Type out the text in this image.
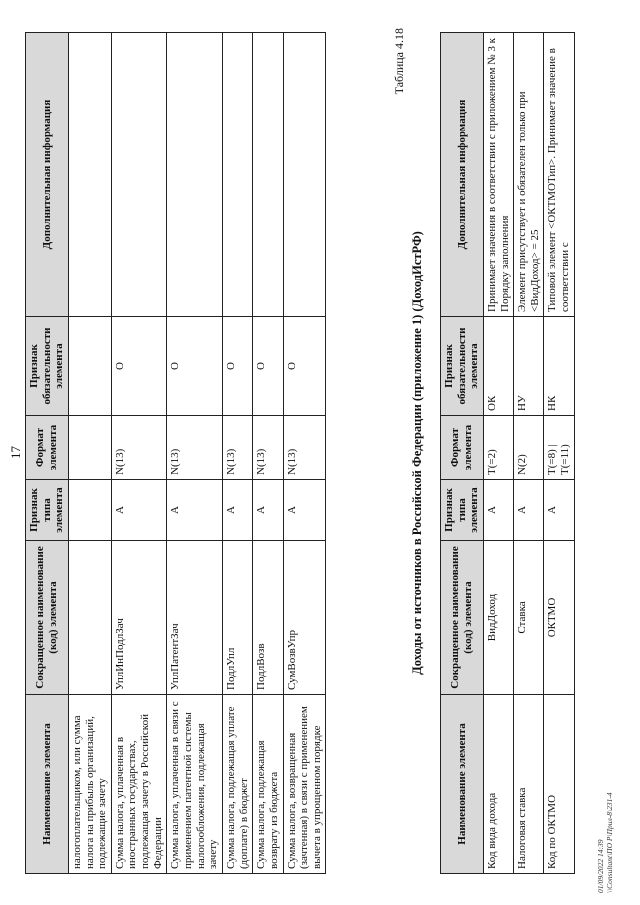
17
Наименование элемента	Сокращенное наименование (код) элемента	Признак типа элемента	Формат элемента	Признак обязательности элемента	Дополнительная информация
налогоплательщиком, или сумма налога на прибыль организаций, подлежащие зачету					
Сумма налога, уплаченная в иностранных государствах, подлежащая зачету в Российской Федерации	УплИнПодлЗач	А	N(13)	О	
Сумма налога, уплаченная в связи с применением патентной системы налогообложения, подлежащая зачету	УплПатентЗач	А	N(13)	О	
Сумма налога, подлежащая уплате (доплате) в бюджет	ПодлУпл	А	N(13)	О	
Сумма налога, подлежащая возврату из бюджета	ПодлВозв	А	N(13)	О	
Сумма налога, возвращенная (зачтенная) в связи с применением вычета в упрощенном порядке	СумВозвУпр	А	N(13)	О	
Таблица 4.18
Доходы от источников в Российской Федерации (приложение 1) (ДоходИстРФ)
Наименование элемента	Сокращенное наименование (код) элемента	Признак типа элемента	Формат элемента	Признак обязательности элемента	Дополнительная информация
Код вида дохода	ВидДоход	А	T(=2)	ОК	Принимает значения в соответствии с приложением № 3 к Порядку заполнения
Налоговая ставка	Ставка	А	N(2)	НУ	Элемент присутствует и обязателен только при <ВидДоход> = 25
Код по ОКТМО	ОКТМО	А	T(=8) | T(=11)	НК	Типовой элемент <ОКТМОТип>. Принимает значение в соответствии с
01/09/2022 14:39 \\Consultant\ПО Р\Прил-8\231-4
